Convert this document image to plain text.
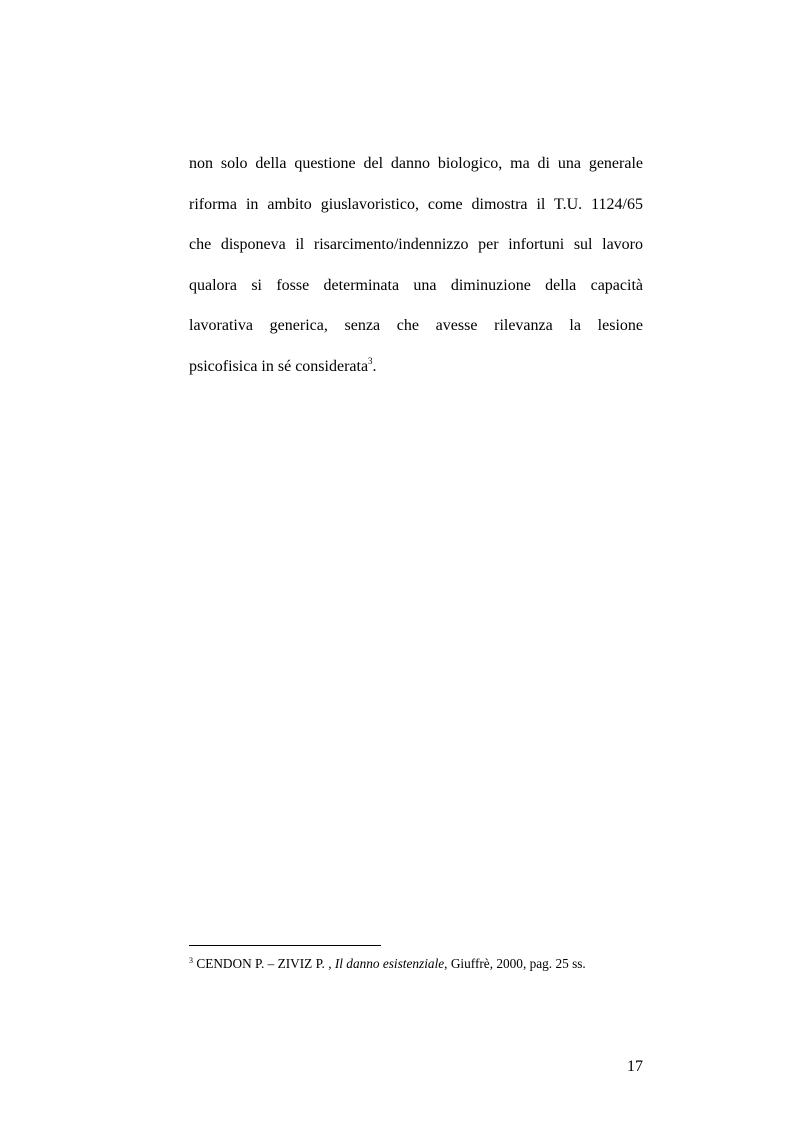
non solo della questione del danno biologico, ma di una generale
riforma in ambito giuslavoristico, come dimostra il T.U. 1124/65
che disponeva il risarcimento/indennizzo per infortuni sul lavoro
qualora si fosse determinata una diminuzione della capacità
lavorativa generica, senza che avesse rilevanza la lesione
psicofisica in sé considerata$^3$.
$^3$ CENDON P. – ZIVIZ P. , Il danno esistenziale, Giuffrè, 2000, pag. 25 ss.
17
